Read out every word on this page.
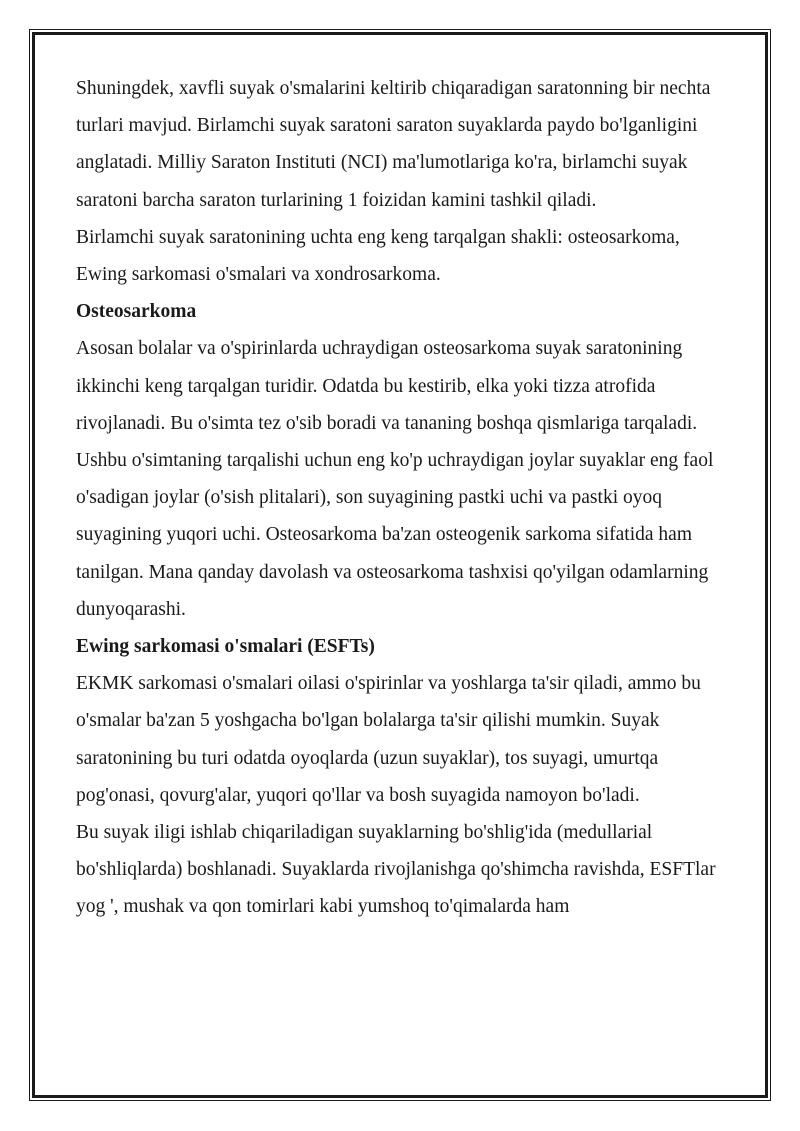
Shuningdek, xavfli suyak o'smalarini keltirib chiqaradigan saratonning bir nechta turlari mavjud. Birlamchi suyak saratoni saraton suyaklarda paydo bo'lganligini anglatadi. Milliy Saraton Instituti (NCI) ma'lumotlariga ko'ra, birlamchi suyak saratoni barcha saraton turlarining 1 foizidan kamini tashkil qiladi.

Birlamchi suyak saratonining uchta eng keng tarqalgan shakli: osteosarkoma, Ewing sarkomasi o'smalari va xondrosarkoma.

Osteosarkoma

Asosan bolalar va o'spirinlarda uchraydigan osteosarkoma suyak saratonining ikkinchi keng tarqalgan turidir. Odatda bu kestirib, elka yoki tizza atrofida rivojlanadi. Bu o'simta tez o'sib boradi va tananing boshqa qismlariga tarqaladi.

Ushbu o'simtaning tarqalishi uchun eng ko'p uchraydigan joylar suyaklar eng faol o'sadigan joylar (o'sish plitalari), son suyagining pastki uchi va pastki oyoq suyagining yuqori uchi. Osteosarkoma ba'zan osteogenik sarkoma sifatida ham tanilgan. Mana qanday davolash va osteosarkoma tashxisi qo'yilgan odamlarning dunyoqarashi.

Ewing sarkomasi o'smalari (ESFTs)

EKMK sarkomasi o'smalari oilasi o'spirinlar va yoshlarga ta'sir qiladi, ammo bu o'smalar ba'zan 5 yoshgacha bo'lgan bolalarga ta'sir qilishi mumkin. Suyak saratonining bu turi odatda oyoqlarda (uzun suyaklar), tos suyagi, umurtqa pog'onasi, qovurg'alar, yuqori qo'llar va bosh suyagida namoyon bo'ladi.

Bu suyak iligi ishlab chiqariladigan suyaklarning bo'shlig'ida (medullarial bo'shliqlarda) boshlanadi. Suyaklarda rivojlanishga qo'shimcha ravishda, ESFTlar yog ', mushak va qon tomirlari kabi yumshoq to'qimalarda ham
